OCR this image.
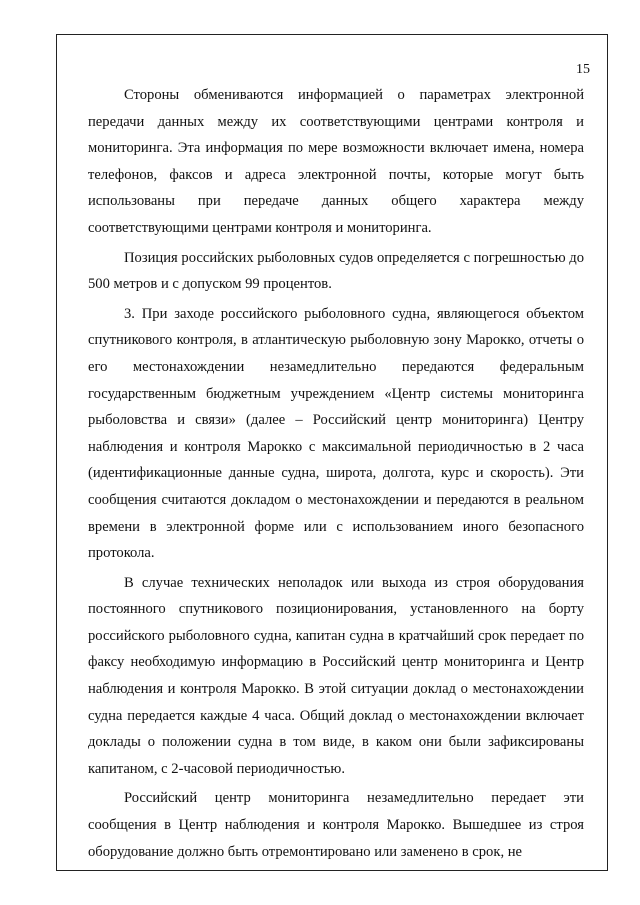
15

Стороны обмениваются информацией о параметрах электронной передачи данных между их соответствующими центрами контроля и мониторинга. Эта информация по мере возможности включает имена, номера телефонов, факсов и адреса электронной почты, которые могут быть использованы при передаче данных общего характера между соответствующими центрами контроля и мониторинга.

Позиция российских рыболовных судов определяется с погрешностью до 500 метров и с допуском 99 процентов.

3. При заходе российского рыболовного судна, являющегося объектом спутникового контроля, в атлантическую рыболовную зону Марокко, отчеты о его местонахождении незамедлительно передаются федеральным государственным бюджетным учреждением «Центр системы мониторинга рыболовства и связи» (далее – Российский центр мониторинга) Центру наблюдения и контроля Марокко с максимальной периодичностью в 2 часа (идентификационные данные судна, широта, долгота, курс и скорость). Эти сообщения считаются докладом о местонахождении и передаются в реальном времени в электронной форме или с использованием иного безопасного протокола.

В случае технических неполадок или выхода из строя оборудования постоянного спутникового позиционирования, установленного на борту российского рыболовного судна, капитан судна в кратчайший срок передает по факсу необходимую информацию в Российский центр мониторинга и Центр наблюдения и контроля Марокко. В этой ситуации доклад о местонахождении судна передается каждые 4 часа. Общий доклад о местонахождении включает доклады о положении судна в том виде, в каком они были зафиксированы капитаном, с 2-часовой периодичностью.

Российский центр мониторинга незамедлительно передает эти сообщения в Центр наблюдения и контроля Марокко. Вышедшее из строя оборудование должно быть отремонтировано или заменено в срок, не
